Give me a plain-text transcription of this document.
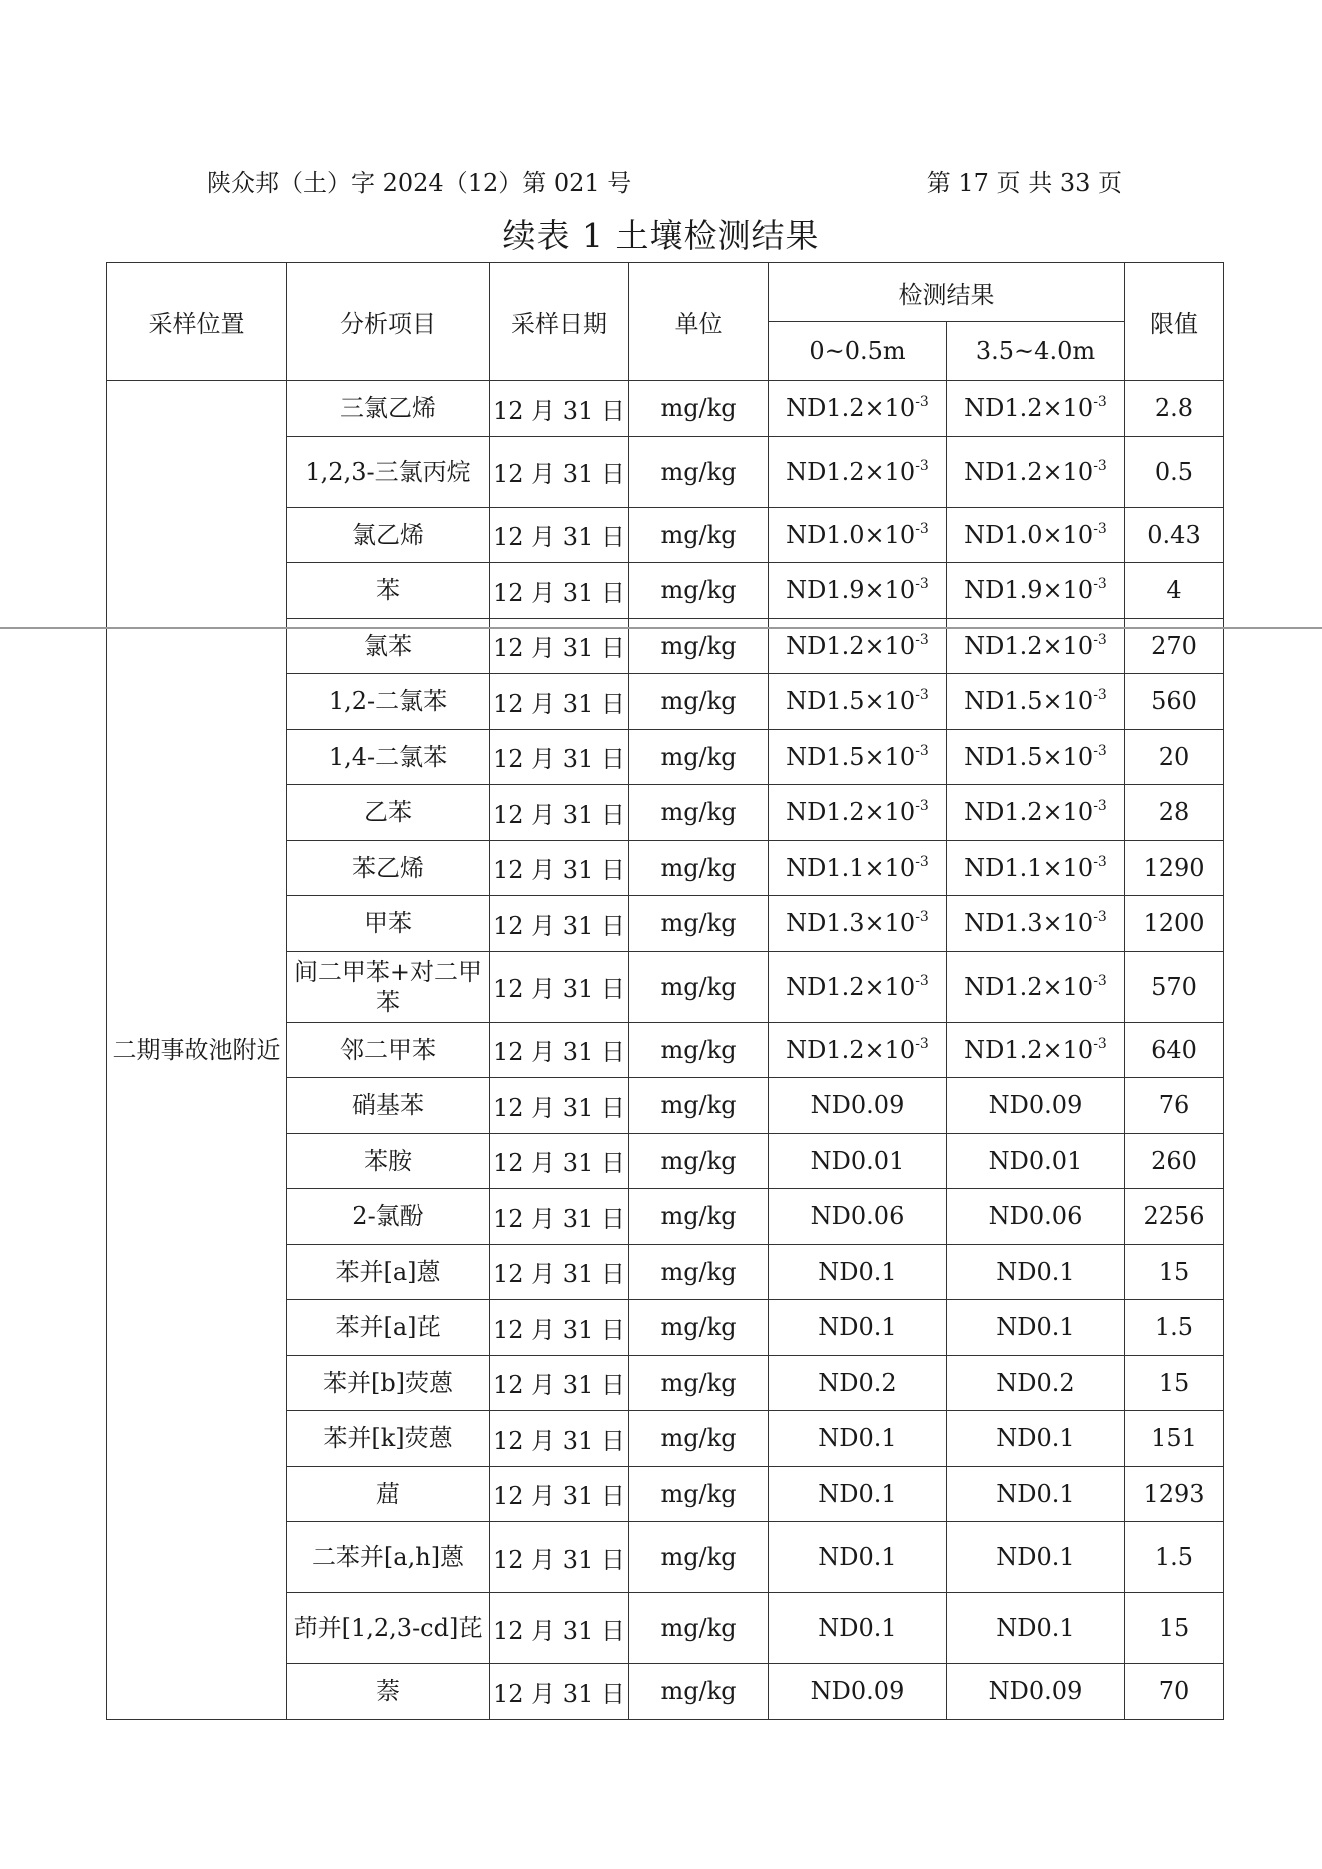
陕众邦（土）字 2024（12）第 021 号	第 17 页 共 33 页
续表 1 土壤检测结果
采样位置	分析项目	采样日期	单位	检测结果		限值
				0~0.5m	3.5~4.0m	
二期事故池附近	三氯乙烯	12 月 31 日	mg/kg	$ND1.2\times 10^{-3}$	$ND1.2\times 10^{-3}$	2.8
	1,2,3-三氯丙烷	12 月 31 日	mg/kg	$ND1.2\times 10^{-3}$	$ND1.2\times 10^{-3}$	0.5
	氯乙烯	12 月 31 日	mg/kg	$ND1.0\times 10^{-3}$	$ND1.0\times 10^{-3}$	0.43
	苯	12 月 31 日	mg/kg	$ND1.9\times 10^{-3}$	$ND1.9\times 10^{-3}$	4
	氯苯	12 月 31 日	mg/kg	$ND1.2\times 10^{-3}$	$ND1.2\times 10^{-3}$	270
	1,2-二氯苯	12 月 31 日	mg/kg	$ND1.5\times 10^{-3}$	$ND1.5\times 10^{-3}$	560
	1,4-二氯苯	12 月 31 日	mg/kg	$ND1.5\times 10^{-3}$	$ND1.5\times 10^{-3}$	20
	乙苯	12 月 31 日	mg/kg	$ND1.2\times 10^{-3}$	$ND1.2\times 10^{-3}$	28
	苯乙烯	12 月 31 日	mg/kg	$ND1.1\times 10^{-3}$	$ND1.1\times 10^{-3}$	1290
	甲苯	12 月 31 日	mg/kg	$ND1.3\times 10^{-3}$	$ND1.3\times 10^{-3}$	1200
	间二甲苯+对二甲苯	12 月 31 日	mg/kg	$ND1.2\times 10^{-3}$	$ND1.2\times 10^{-3}$	570
	邻二甲苯	12 月 31 日	mg/kg	$ND1.2\times 10^{-3}$	$ND1.2\times 10^{-3}$	640
	硝基苯	12 月 31 日	mg/kg	ND0.09	ND0.09	76
	苯胺	12 月 31 日	mg/kg	ND0.01	ND0.01	260
	2-氯酚	12 月 31 日	mg/kg	ND0.06	ND0.06	2256
	苯并[a]蒽	12 月 31 日	mg/kg	ND0.1	ND0.1	15
	苯并[a]芘	12 月 31 日	mg/kg	ND0.1	ND0.1	1.5
	苯并[b]荧蒽	12 月 31 日	mg/kg	ND0.2	ND0.2	15
	苯并[k]荧蒽	12 月 31 日	mg/kg	ND0.1	ND0.1	151
	䓛	12 月 31 日	mg/kg	ND0.1	ND0.1	1293
	二苯并[a,h]蒽	12 月 31 日	mg/kg	ND0.1	ND0.1	1.5
	茚并[1,2,3-cd]芘	12 月 31 日	mg/kg	ND0.1	ND0.1	15
	萘	12 月 31 日	mg/kg	ND0.09	ND0.09	70
